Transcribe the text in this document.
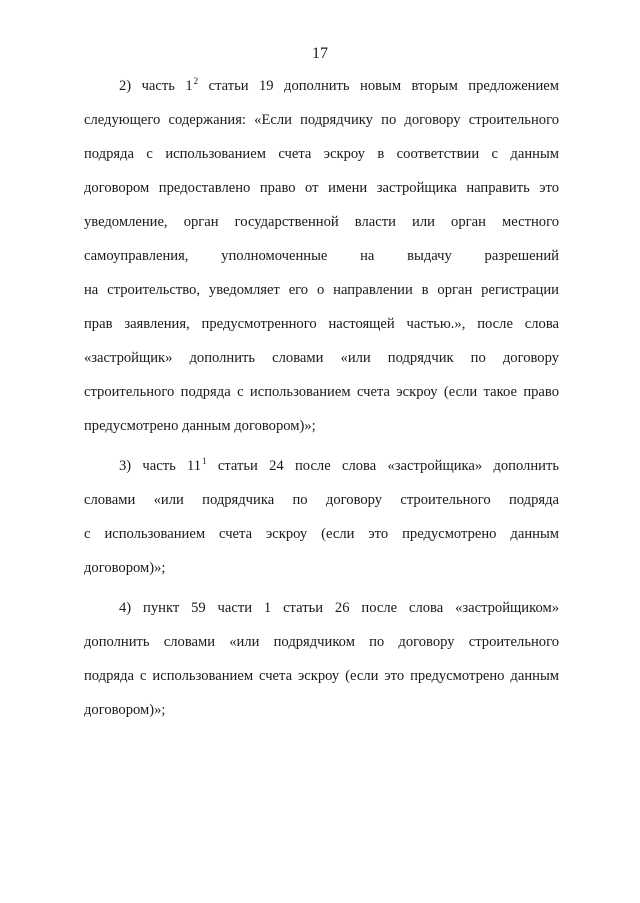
17
2) часть $1^2$ статьи 19 дополнить новым вторым предложением
следующего содержания: «Если подрядчику по договору строительного
подряда с использованием счета эскроу в соответствии с данным
договором предоставлено право от имени застройщика направить это
уведомление, орган государственной власти или орган местного
самоуправления, уполномоченные на выдачу разрешений
на строительство, уведомляет его о направлении в орган регистрации
прав заявления, предусмотренного настоящей частью.», после слова
«застройщик» дополнить словами «или подрядчик по договору
строительного подряда с использованием счета эскроу (если такое право
предусмотрено данным договором)»;
3) часть $11^1$ статьи 24 после слова «застройщика» дополнить
словами «или подрядчика по договору строительного подряда
с использованием счета эскроу (если это предусмотрено данным
договором)»;
4) пункт 59 части 1 статьи 26 после слова «застройщиком»
дополнить словами «или подрядчиком по договору строительного
подряда с использованием счета эскроу (если это предусмотрено данным
договором)»;
